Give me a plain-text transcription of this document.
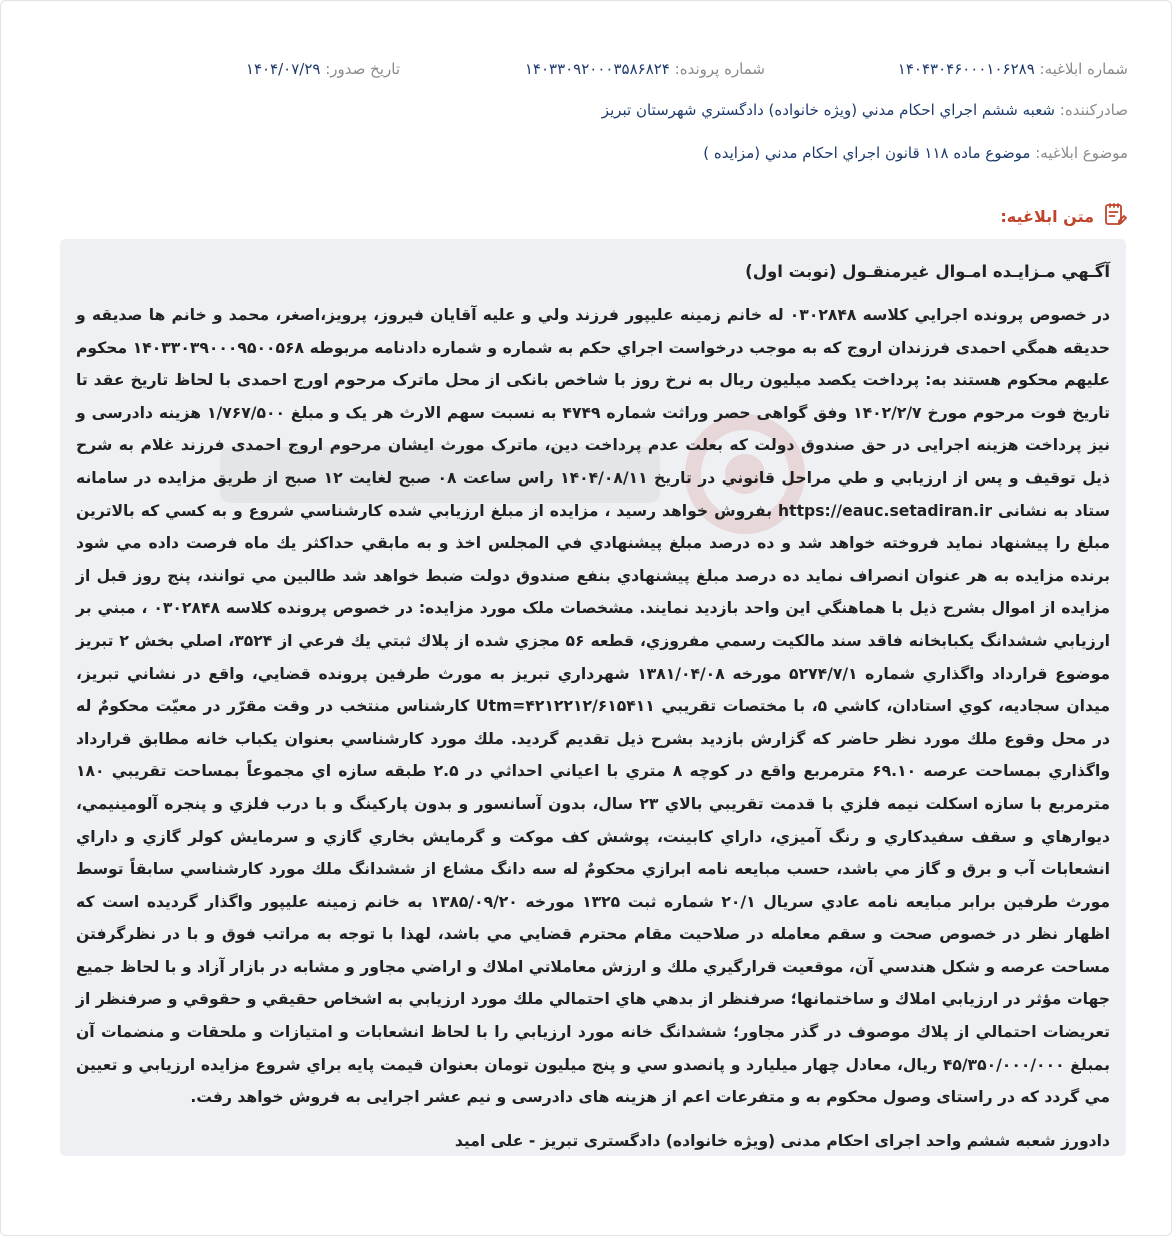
شماره ابلاغیه: ۱۴۰۴۳۰۴۶۰۰۰۱۰۶۲۸۹
شماره پرونده: ۱۴۰۳۳۰۹۲۰۰۰۳۵۸۶۸۲۴
تاریخ صدور: ۱۴۰۴/۰۷/۲۹
صادرکننده: شعبه ششم اجراي احكام مدني (ويژه خانواده) دادگستري شهرستان تبريز
موضوع ابلاغیه: موضوع ماده ۱۱۸ قانون اجراي احکام مدني (مزايده )
متن ابلاغیه:
آگـهي مـزايـده امـوال غيرمنقـول (نوبت اول)

در خصوص پرونده اجرايي کلاسه ۰۳۰۲۸۴۸ له خانم زمينه عليپور فرزند ولي و عليه آقايان فيروز، پرويز،اصغر، محمد و خانم ها صديقه و حديقه همگي احمدی فرزندان اروج که به موجب درخواست اجراي حکم به شماره و شماره دادنامه مربوطه ۱۴۰۳۳۰۳۹۰۰۰۹۵۰۰۵۶۸ محکوم عليهم محکوم هستند به: پرداخت يکصد ميليون ريال به نرخ روز با شاخص بانکی از محل ماترک مرحوم اورج احمدی با لحاظ تاريخ عقد تا تاريخ فوت مرحوم مورخ ۱۴۰۲/۲/۷ وفق گواهی حصر وراثت شماره ۴۷۴۹ به نسبت سهم الارث هر يک و مبلغ ۱/۷۶۷/۵۰۰ هزينه دادرسی و نيز پرداخت هزينه اجرايی در حق صندوق دولت که بعلت عدم پرداخت دين، ماترک مورث ايشان مرحوم اروج احمدی فرزند غلام به شرح ذيل توقيف و پس از ارزيابي و طي مراحل قانوني در تاريخ ۱۴۰۴/۰۸/۱۱ راس ساعت ۰۸ صبح لغايت ۱۲ صبح از طريق مزايده در سامانه ستاد به نشانی https://eauc.setadiran.ir بفروش خواهد رسيد ، مزايده از مبلغ ارزيابي شده کارشناسي شروع و به كسي كه بالاترين مبلغ را پيشنهاد نمايد فروخته خواهد شد و ده درصد مبلغ پيشنهادي في المجلس اخذ و به مابقي حداكثر يك ماه فرصت داده مي شود برنده مزايده به هر عنوان انصراف نمايد ده درصد مبلغ پيشنهادي بنفع صندوق دولت ضبط خواهد شد طالبين مي توانند، پنج روز قبل از مزايده از اموال بشرح ذيل با هماهنگي اين واحد بازديد نمايند. مشخصات ملک مورد مزايده: در خصوص پرونده کلاسه ۰۳۰۲۸۴۸ ، مبني بر ارزيابي ششدانگ يكبابخانه فاقد سند مالكيت رسمي مفروزي، قطعه ۵۶ مجزي شده از پلاك ثبتي يك فرعي از ۳۵۲۴، اصلي بخش ۲ تبريز موضوع قرارداد واگذاري شماره ۵۲۷۴/۷/۱ مورخه ۱۳۸۱/۰۴/۰۸ شهرداري تبريز به مورث طرفين پرونده قضايي، واقع در نشاني تبريز، ميدان سجاديه، كوي استادان، كاشي ۵، با مختصات تقريبي ۴۲۱۲۲۱۲/۶۱۵۴۱۱=Utm كارشناس منتخب در وقت مقرّر در معيّت محكومٌ له در محل وقوع ملك مورد نظر حاضر كه گزارش بازديد بشرح ذيل تقديم گرديد. ملك مورد كارشناسي بعنوان يكباب خانه مطابق قرارداد واگذاري بمساحت عرصه ۶۹.۱۰ مترمربع واقع در كوچه ۸ متري با اعياني احداثي در ۲.۵ طبقه سازه اي مجموعاً بمساحت تقريبي ۱۸۰ مترمربع با سازه اسكلت نيمه فلزي با قدمت تقريبي بالاي ۲۳ سال، بدون آسانسور و بدون پاركينگ و با درب فلزي و پنجره آلومينيمي، ديوارهاي و سقف سفيدكاري و رنگ آميزي، داراي كابينت، پوشش كف موكت و گرمايش بخاري گازي و سرمايش كولر گازي و داراي انشعابات آب و برق و گاز مي باشد، حسب مبايعه نامه ابرازي محكومٌ له سه دانگ مشاع از ششدانگ ملك مورد كارشناسي سابقاً توسط مورث طرفين برابر مبايعه نامه عادي سريال ۲۰/۱ شماره ثبت ۱۳۲۵ مورخه ۱۳۸۵/۰۹/۲۰ به خانم زمينه عليپور واگذار گرديده است كه اظهار نظر در خصوص صحت و سقم معامله در صلاحيت مقام محترم قضايي مي باشد، لهذا با توجه به مراتب فوق و با در نظرگرفتن مساحت عرصه و شكل هندسي آن، موقعيت قرارگيري ملك و ارزش معاملاتي املاك و اراضي مجاور و مشابه در بازار آزاد و با لحاظ جميع جهات مؤثر در ارزيابي املاك و ساختمانها؛ صرفنظر از بدهي هاي احتمالي ملك مورد ارزيابي به اشخاص حقيقي و حقوقي و صرفنظر از تعريضات احتمالي از پلاك موصوف در گذر مجاور؛ ششدانگ خانه مورد ارزيابي را با لحاظ انشعابات و امتيازات و ملحقات و منضمات آن بمبلغ ۴۵/۳۵۰/۰۰۰/۰۰۰ ريال، معادل چهار ميليارد و پانصدو سي و پنج ميليون تومان بعنوان قيمت پايه براي شروع مزايده ارزيابي و تعيين مي گردد که در راستای وصول محکوم به و متفرعات اعم از هزينه های دادرسی و نيم عشر اجرايی به فروش خواهد رفت.

دادورز شعبه ششم واحد اجرای احکام مدنی (ويژه خانواده) دادگستری تبريز - علی اميد
